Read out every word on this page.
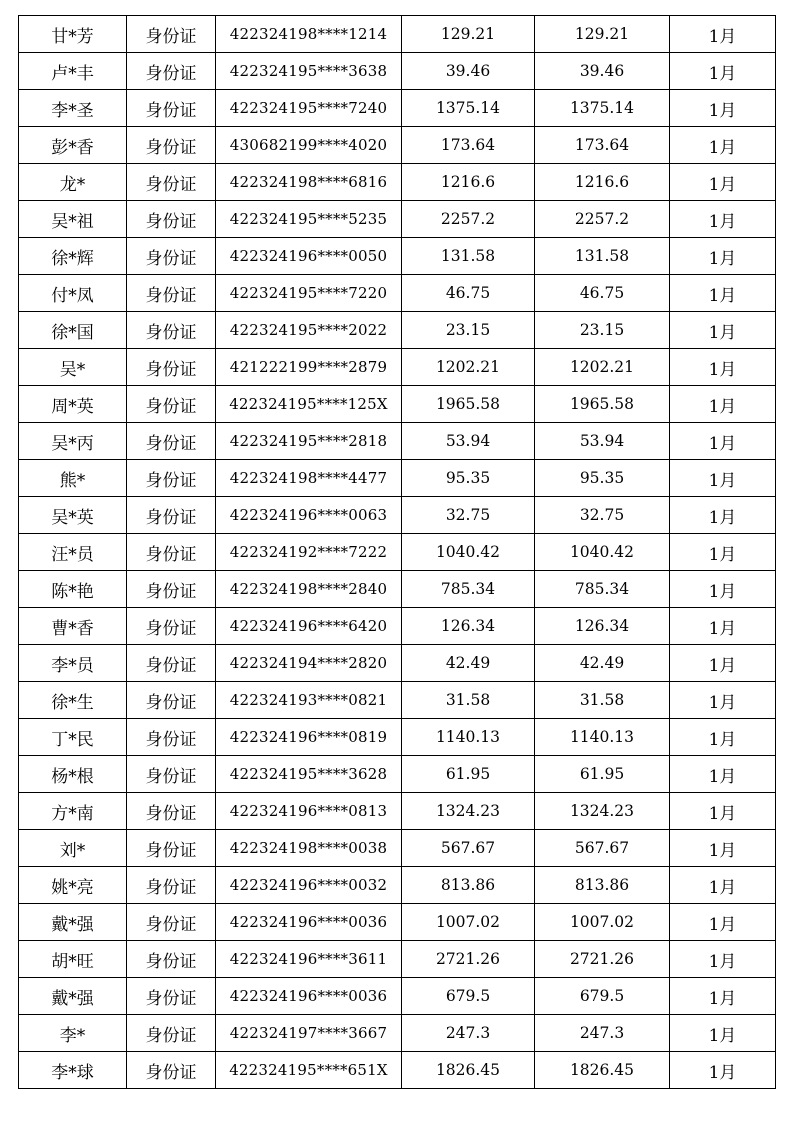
甘*芳	身份证	422324198****1214	129.21	129.21	1月
卢*丰	身份证	422324195****3638	39.46	39.46	1月
李*圣	身份证	422324195****7240	1375.14	1375.14	1月
彭*香	身份证	430682199****4020	173.64	173.64	1月
龙*	身份证	422324198****6816	1216.6	1216.6	1月
吴*祖	身份证	422324195****5235	2257.2	2257.2	1月
徐*辉	身份证	422324196****0050	131.58	131.58	1月
付*凤	身份证	422324195****7220	46.75	46.75	1月
徐*国	身份证	422324195****2022	23.15	23.15	1月
吴*	身份证	421222199****2879	1202.21	1202.21	1月
周*英	身份证	422324195****125X	1965.58	1965.58	1月
吴*丙	身份证	422324195****2818	53.94	53.94	1月
熊*	身份证	422324198****4477	95.35	95.35	1月
吴*英	身份证	422324196****0063	32.75	32.75	1月
汪*员	身份证	422324192****7222	1040.42	1040.42	1月
陈*艳	身份证	422324198****2840	785.34	785.34	1月
曹*香	身份证	422324196****6420	126.34	126.34	1月
李*员	身份证	422324194****2820	42.49	42.49	1月
徐*生	身份证	422324193****0821	31.58	31.58	1月
丁*民	身份证	422324196****0819	1140.13	1140.13	1月
杨*根	身份证	422324195****3628	61.95	61.95	1月
方*南	身份证	422324196****0813	1324.23	1324.23	1月
刘*	身份证	422324198****0038	567.67	567.67	1月
姚*亮	身份证	422324196****0032	813.86	813.86	1月
戴*强	身份证	422324196****0036	1007.02	1007.02	1月
胡*旺	身份证	422324196****3611	2721.26	2721.26	1月
戴*强	身份证	422324196****0036	679.5	679.5	1月
李*	身份证	422324197****3667	247.3	247.3	1月
李*球	身份证	422324195****651X	1826.45	1826.45	1月
